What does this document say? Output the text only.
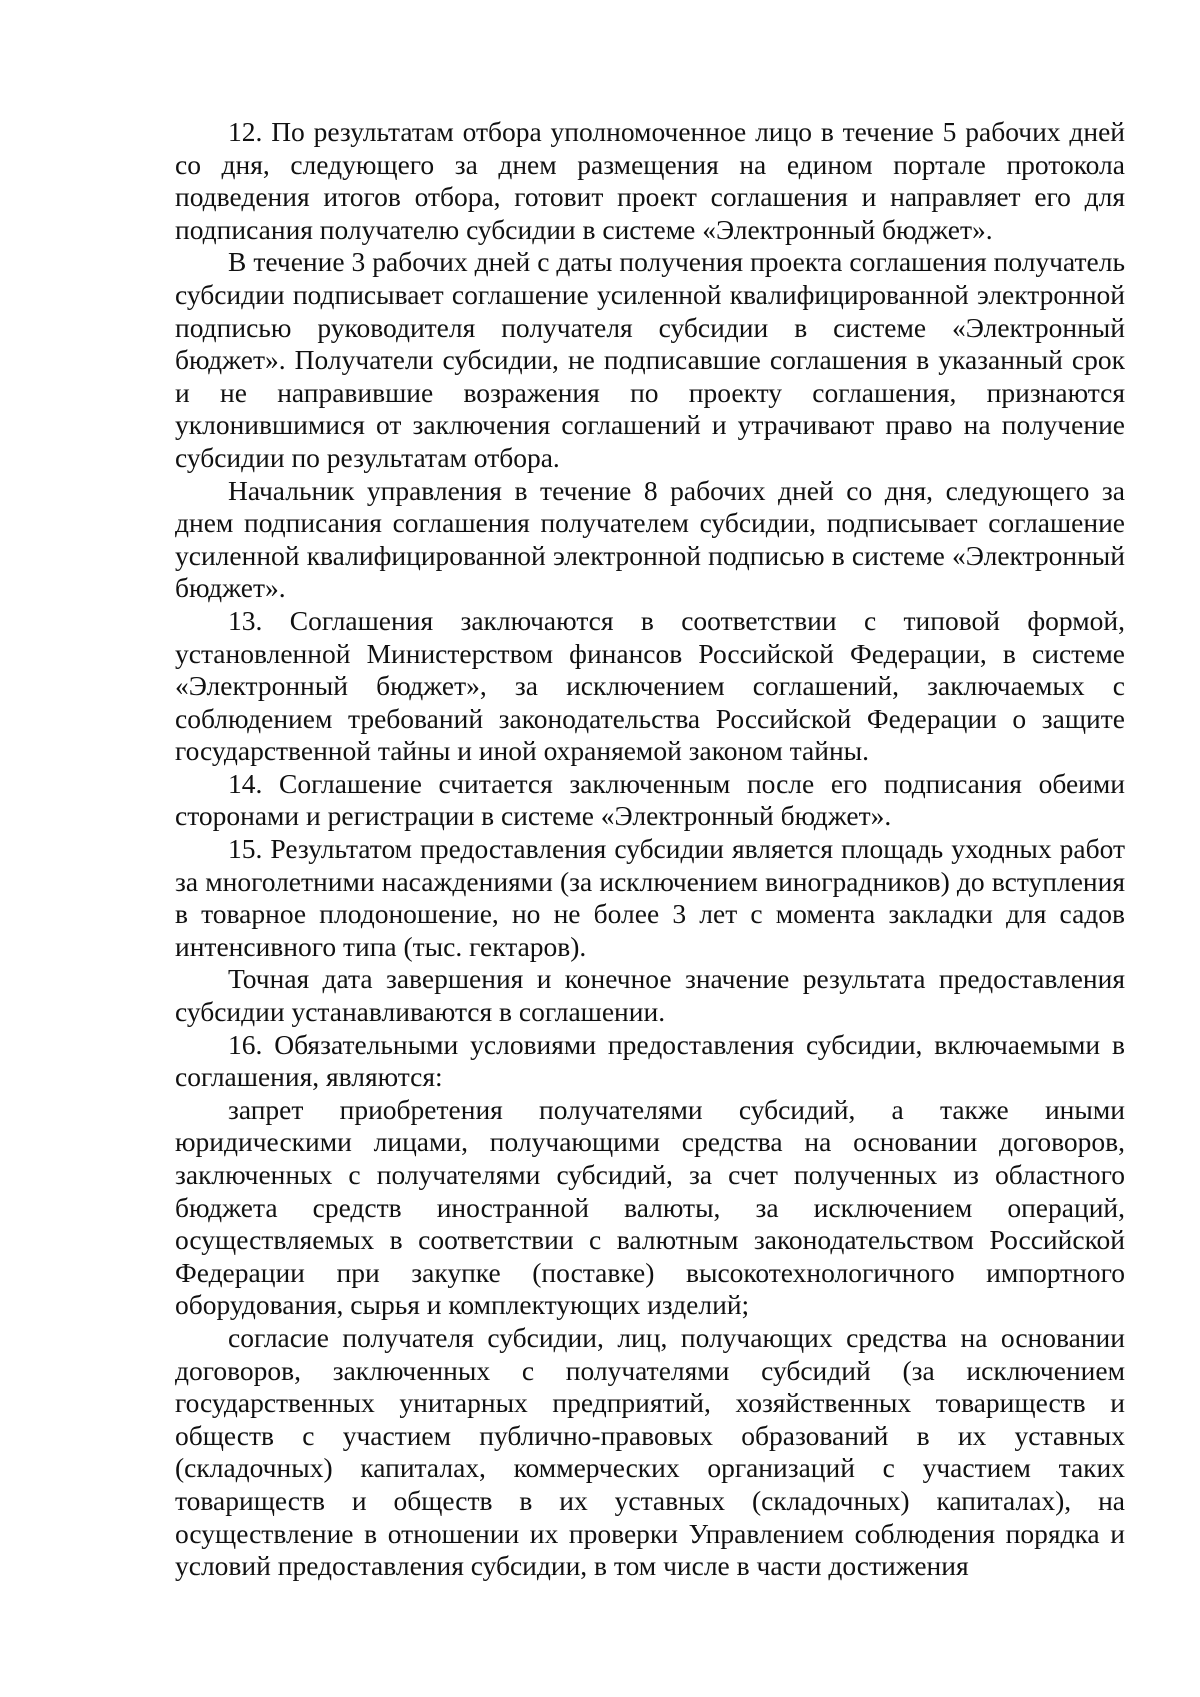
12. По результатам отбора уполномоченное лицо в течение 5 рабочих дней со дня, следующего за днем размещения на едином портале протокола подведения итогов отбора, готовит проект соглашения и направляет его для подписания получателю субсидии в системе «Электронный бюджет».

В течение 3 рабочих дней с даты получения проекта соглашения получатель субсидии подписывает соглашение усиленной квалифицированной электронной подписью руководителя получателя субсидии в системе «Электронный бюджет». Получатели субсидии, не подписавшие соглашения в указанный срок и не направившие возражения по проекту соглашения, признаются уклонившимися от заключения соглашений и утрачивают право на получение субсидии по результатам отбора.

Начальник управления в течение 8 рабочих дней со дня, следующего за днем подписания соглашения получателем субсидии, подписывает соглашение усиленной квалифицированной электронной подписью в системе «Электронный бюджет».

13. Соглашения заключаются в соответствии с типовой формой, установленной Министерством финансов Российской Федерации, в системе «Электронный бюджет», за исключением соглашений, заключаемых с соблюдением требований законодательства Российской Федерации о защите государственной тайны и иной охраняемой законом тайны.

14. Соглашение считается заключенным после его подписания обеими сторонами и регистрации в системе «Электронный бюджет».

15. Результатом предоставления субсидии является площадь уходных работ за многолетними насаждениями (за исключением виноградников) до вступления в товарное плодоношение, но не более 3 лет с момента закладки для садов интенсивного типа (тыс. гектаров).

Точная дата завершения и конечное значение результата предоставления субсидии устанавливаются в соглашении.

16. Обязательными условиями предоставления субсидии, включаемыми в соглашения, являются:

запрет приобретения получателями субсидий, а также иными юридическими лицами, получающими средства на основании договоров, заключенных с получателями субсидий, за счет полученных из областного бюджета средств иностранной валюты, за исключением операций, осуществляемых в соответствии с валютным законодательством Российской Федерации при закупке (поставке) высокотехнологичного импортного оборудования, сырья и комплектующих изделий;

согласие получателя субсидии, лиц, получающих средства на основании договоров, заключенных с получателями субсидий (за исключением государственных унитарных предприятий, хозяйственных товариществ и обществ с участием публично-правовых образований в их уставных (складочных) капиталах, коммерческих организаций с участием таких товариществ и обществ в их уставных (складочных) капиталах), на осуществление в отношении их проверки Управлением соблюдения порядка и условий предоставления субсидии, в том числе в части достижения
